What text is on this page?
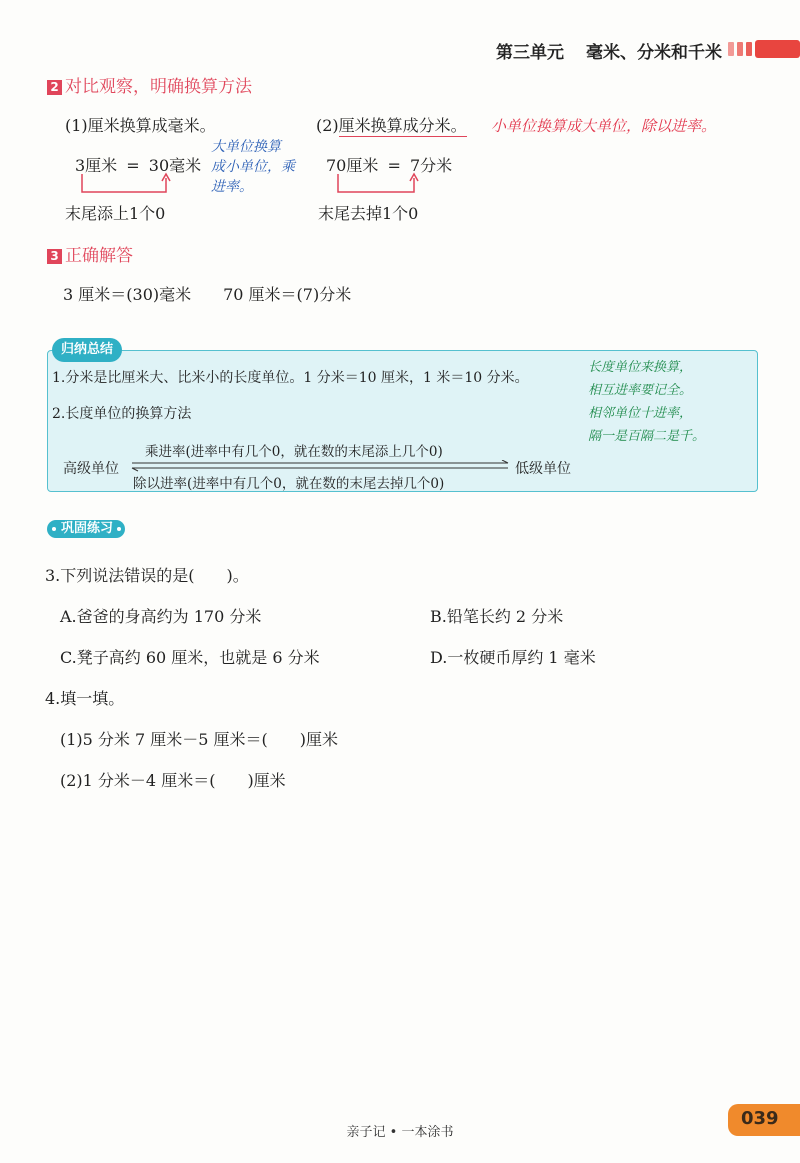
第三单元 毫米、分米和千米
2 对比观察，明确换算方法
(1)厘米换算成毫米。	(2)厘米换算成分米。 小单位换算成大单位，除以进率。
3厘米 = 30毫米
末尾添上1个0
大单位换算
成小单位，乘
进率。
70厘米 = 7分米
末尾去掉1个0
3 正确解答
3 厘米＝(30)毫米　　70 厘米＝(7)分米
归纳总结
1.分米是比厘米大、比米小的长度单位。1 分米＝10 厘米，1 米＝10 分米。
2.长度单位的换算方法
高级单位
乘进率(进率中有几个0，就在数的末尾添上几个0)
除以进率(进率中有几个0，就在数的末尾去掉几个0)
低级单位
长度单位来换算，
相互进率要记全。
相邻单位十进率，
隔一是百隔二是千。
巩固练习
3.下列说法错误的是(　　)。
A.爸爸的身高约为 170 分米	B.铅笔长约 2 分米
C.凳子高约 60 厘米，也就是 6 分米	D.一枚硬币厚约 1 毫米
4.填一填。
(1)5 分米 7 厘米－5 厘米＝(　　)厘米
(2)1 分米－4 厘米＝(　　)厘米
亲子记 • 一本涂书
039
